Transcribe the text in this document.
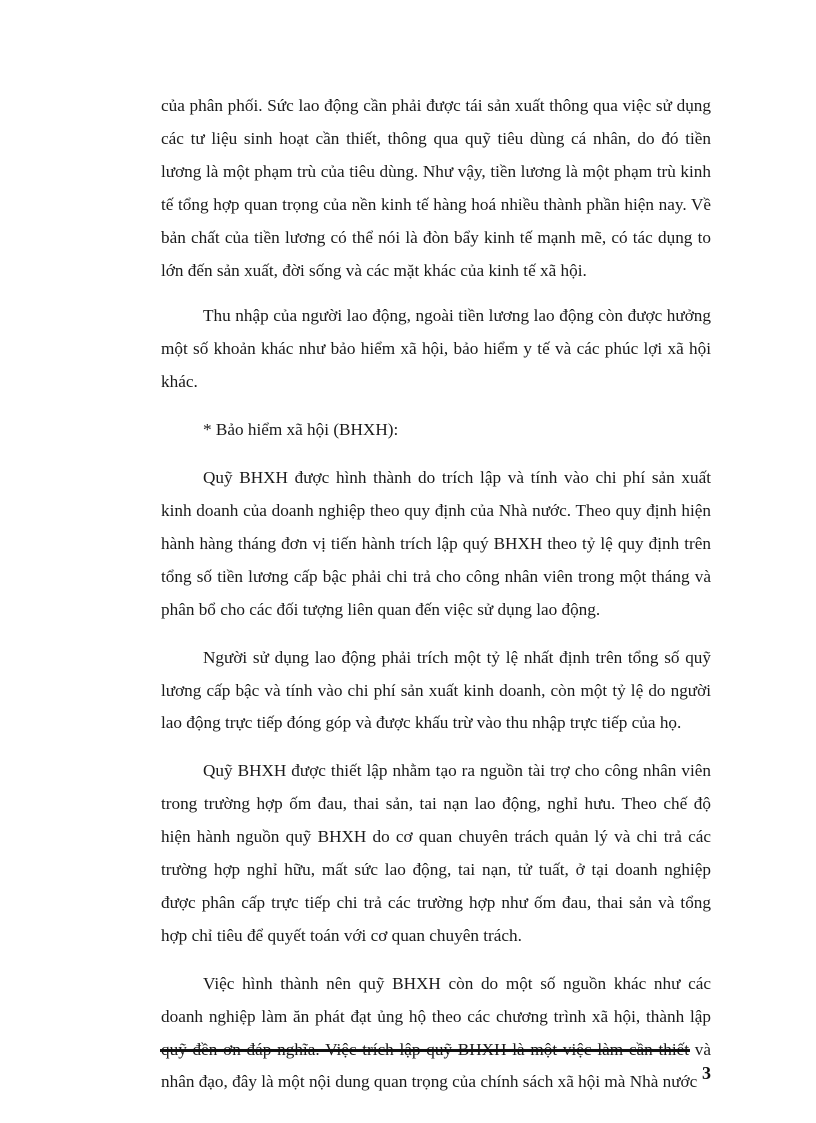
của phân phối. Sức lao động cần phải được tái sản xuất thông qua việc sử dụng các tư liệu sinh hoạt cần thiết, thông qua quỹ tiêu dùng cá nhân, do đó tiền lương là một phạm trù của tiêu dùng. Như vậy, tiền lương là một phạm trù kinh tế tổng hợp quan trọng của nền kinh tế hàng hoá nhiều thành phần hiện nay. Về bản chất của tiền lương có thể nói là đòn bẩy kinh tế mạnh mẽ, có tác dụng to lớn đến sản xuất, đời sống và các mặt khác của kinh tế xã hội.

Thu nhập của người lao động, ngoài tiền lương lao động còn được hưởng một số khoản khác như bảo hiểm xã hội, bảo hiểm y tế và các phúc lợi xã hội khác.

* Bảo hiểm xã hội (BHXH):

Quỹ BHXH được hình thành do trích lập và tính vào chi phí sản xuất kinh doanh của doanh nghiệp theo quy định của Nhà nước. Theo quy định hiện hành hàng tháng đơn vị tiến hành trích lập quý BHXH theo tỷ lệ quy định trên tổng số tiền lương cấp bậc phải chi trả cho công nhân viên trong một tháng và phân bổ cho các đối tượng liên quan đến việc sử dụng lao động.

Người sử dụng lao động phải trích một tỷ lệ nhất định trên tổng số quỹ lương cấp bậc và tính vào chi phí sản xuất kinh doanh, còn một tỷ lệ do người lao động trực tiếp đóng góp và được khấu trừ vào thu nhập trực tiếp của họ.

Quỹ BHXH được thiết lập nhằm tạo ra nguồn tài trợ cho công nhân viên trong trường hợp ốm đau, thai sản, tai nạn lao động, nghỉ hưu. Theo chế độ hiện hành nguồn quỹ BHXH do cơ quan chuyên trách quản lý và chi trả các trường hợp nghỉ hữu, mất sức lao động, tai nạn, tử tuất, ở tại doanh nghiệp được phân cấp trực tiếp chi trả các trường hợp như ốm đau, thai sản và tổng hợp chỉ tiêu để quyết toán với cơ quan chuyên trách.

Việc hình thành nên quỹ BHXH còn do một số nguồn khác như các doanh nghiệp làm ăn phát đạt ủng hộ theo các chương trình xã hội, thành lập quỹ đền ơn đáp nghĩa. Việc trích lập quỹ BHXH là một việc làm cần thiết và nhân đạo, đây là một nội dung quan trọng của chính sách xã hội mà Nhà nước 3
